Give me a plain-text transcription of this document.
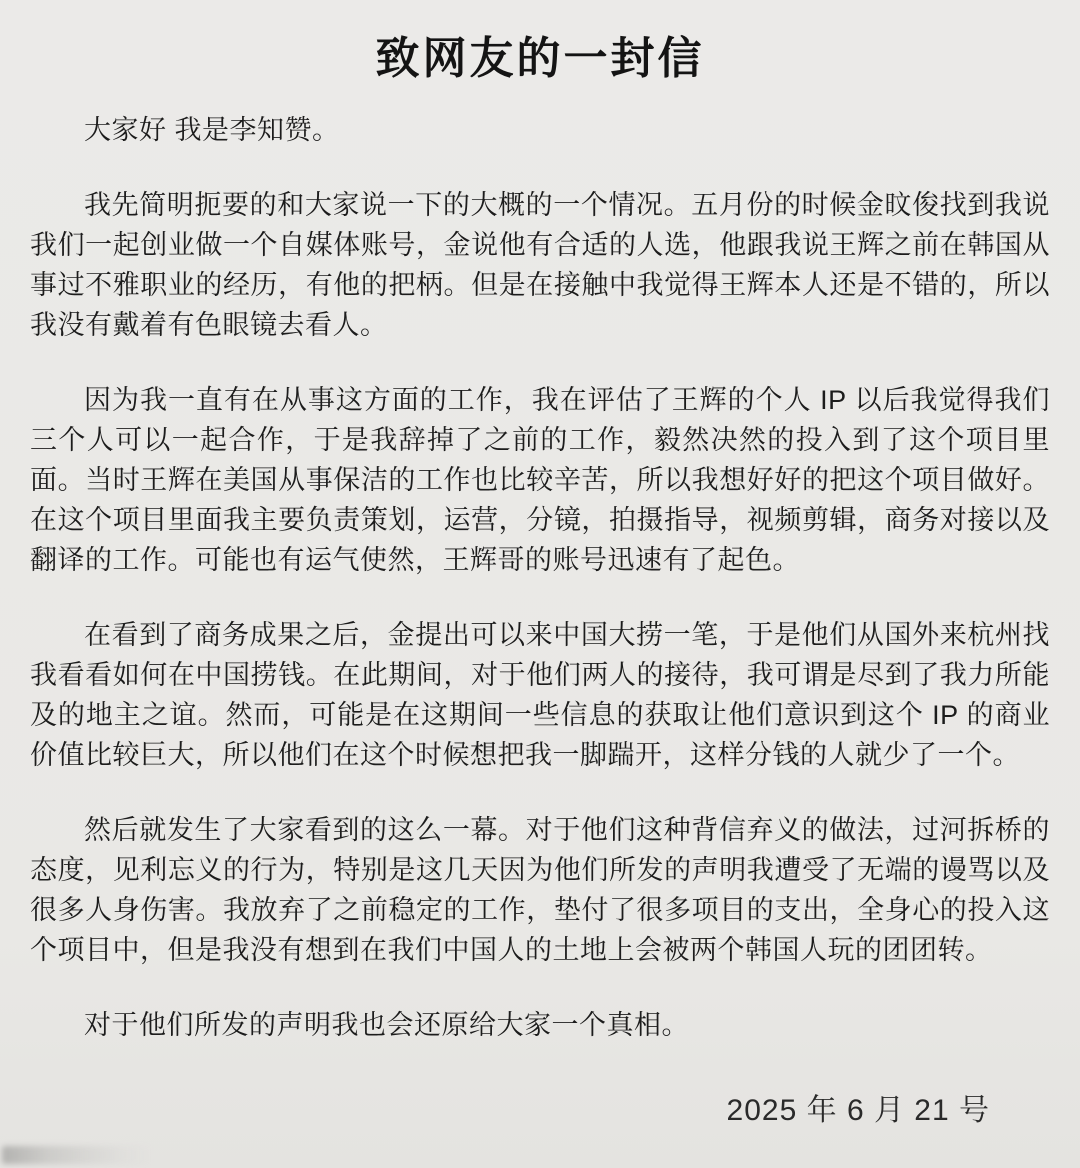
致网友的一封信

大家好 我是李知赞。

我先简明扼要的和大家说一下的大概的一个情况。五月份的时候金旼俊找到我说我们一起创业做一个自媒体账号，金说他有合适的人选，他跟我说王辉之前在韩国从事过不雅职业的经历，有他的把柄。但是在接触中我觉得王辉本人还是不错的，所以我没有戴着有色眼镜去看人。

因为我一直有在从事这方面的工作，我在评估了王辉的个人 IP 以后我觉得我们三个人可以一起合作，于是我辞掉了之前的工作，毅然决然的投入到了这个项目里面。当时王辉在美国从事保洁的工作也比较辛苦，所以我想好好的把这个项目做好。在这个项目里面我主要负责策划，运营，分镜，拍摄指导，视频剪辑，商务对接以及翻译的工作。可能也有运气使然，王辉哥的账号迅速有了起色。

在看到了商务成果之后，金提出可以来中国大捞一笔，于是他们从国外来杭州找我看看如何在中国捞钱。在此期间，对于他们两人的接待，我可谓是尽到了我力所能及的地主之谊。然而，可能是在这期间一些信息的获取让他们意识到这个 IP 的商业价值比较巨大，所以他们在这个时候想把我一脚踹开，这样分钱的人就少了一个。

然后就发生了大家看到的这么一幕。对于他们这种背信弃义的做法，过河拆桥的态度，见利忘义的行为，特别是这几天因为他们所发的声明我遭受了无端的谩骂以及很多人身伤害。我放弃了之前稳定的工作，垫付了很多项目的支出，全身心的投入这个项目中，但是我没有想到在我们中国人的土地上会被两个韩国人玩的团团转。

对于他们所发的声明我也会还原给大家一个真相。

2025 年 6 月 21 号
